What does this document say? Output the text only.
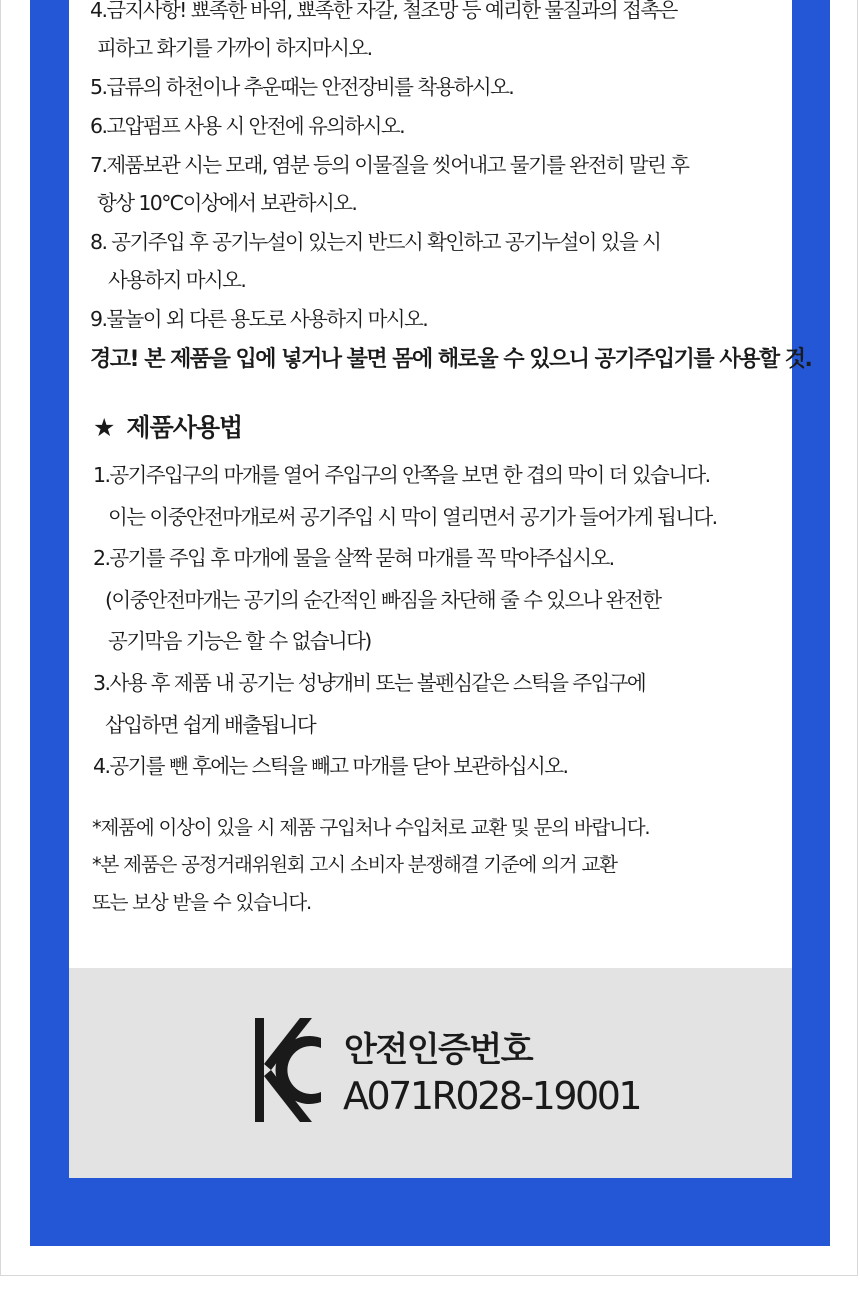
4.금지사항! 뾰족한 바위, 뾰족한 자갈, 철조망 등 예리한 물질과의 접촉은
피하고 화기를 가까이 하지마시오.
5.급류의 하천이나 추운때는 안전장비를 착용하시오.
6.고압펌프 사용 시 안전에 유의하시오.
7.제품보관 시는 모래, 염분 등의 이물질을 씻어내고 물기를 완전히 말린 후
항상 10℃이상에서 보관하시오.
8. 공기주입 후 공기누설이 있는지 반드시 확인하고 공기누설이 있을 시
사용하지 마시오.
9.물놀이 외 다른 용도로 사용하지 마시오.
경고! 본 제품을 입에 넣거나 불면 몸에 해로울 수 있으니 공기주입기를 사용할 것.
★ 제품사용법
1.공기주입구의 마개를 열어 주입구의 안쪽을 보면 한 겹의 막이 더 있습니다.
이는 이중안전마개로써 공기주입 시 막이 열리면서 공기가 들어가게 됩니다.
2.공기를 주입 후 마개에 물을 살짝 묻혀 마개를 꼭 막아주십시오.
(이중안전마개는 공기의 순간적인 빠짐을 차단해 줄 수 있으나 완전한
공기막음 기능은 할 수 없습니다)
3.사용 후 제품 내 공기는 성냥개비 또는 볼펜심같은 스틱을 주입구에
삽입하면 쉽게 배출됩니다
4.공기를 뺀 후에는 스틱을 빼고 마개를 닫아 보관하십시오.
*제품에 이상이 있을 시 제품 구입처나 수입처로 교환 및 문의 바랍니다.
*본 제품은 공정거래위원회 고시 소비자 분쟁해결 기준에 의거 교환
또는 보상 받을 수 있습니다.
안전인증번호
A071R028-19001
